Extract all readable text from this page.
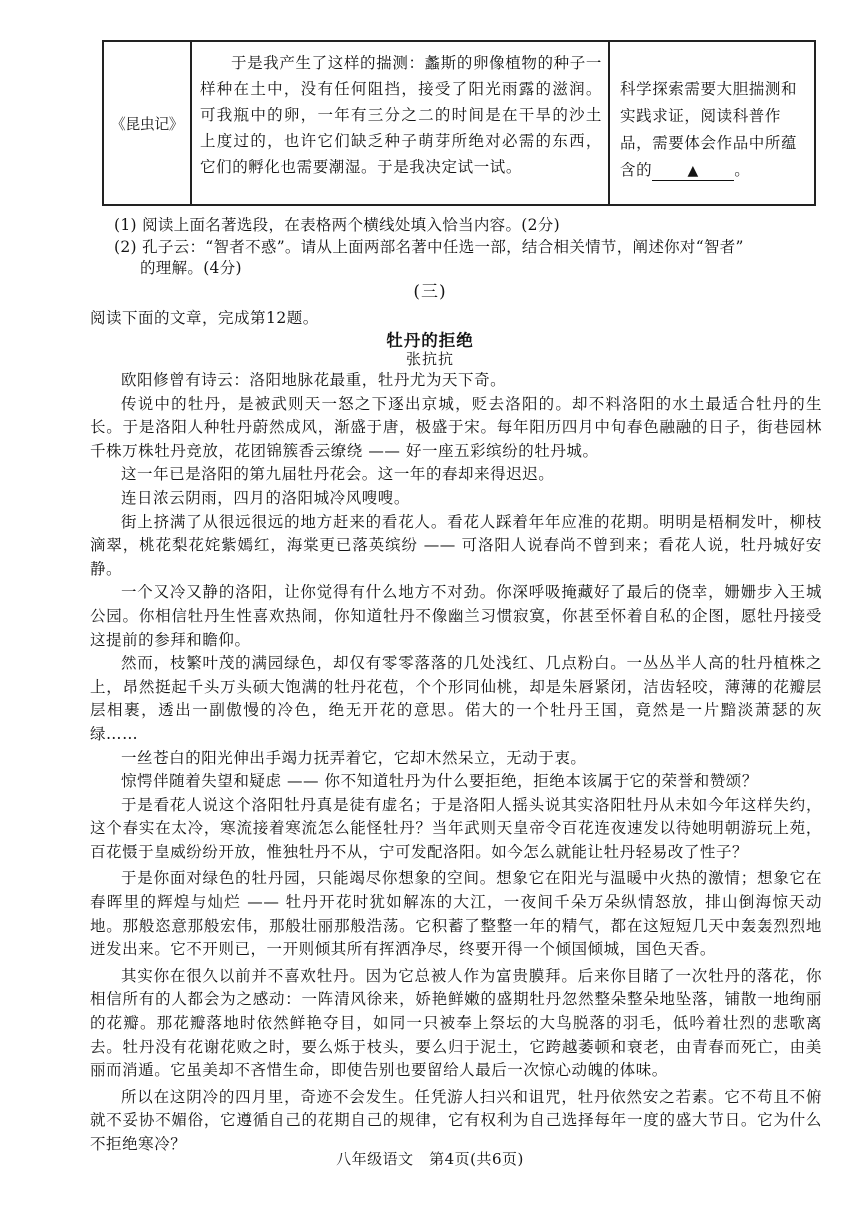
《昆虫记》
于是我产生了这样的揣测：蠡斯的卵像植物的种子一样种在土中，没有任何阻挡，接受了阳光雨露的滋润。可我瓶中的卵，一年有三分之二的时间是在干旱的沙土上度过的，也许它们缺乏种子萌芽所绝对必需的东西，它们的孵化也需要潮湿。于是我决定试一试。
科学探索需要大胆揣测和实践求证，阅读科普作品，需要体会作品中所蕴含的	▲ 。
(1) 阅读上面名著选段，在表格两个横线处填入恰当内容。(2分)
(2) 孔子云：“智者不惑”。请从上面两部名著中任选一部，结合相关情节，阐述你对“智者”
的理解。(4分)
(三)
阅读下面的文章，完成第12题。
牡丹的拒绝
张抗抗

欧阳修曾有诗云：洛阳地脉花最重，牡丹尤为天下奇。

传说中的牡丹，是被武则天一怒之下逐出京城，贬去洛阳的。却不料洛阳的水土最适合牡丹的生长。于是洛阳人种牡丹蔚然成风，渐盛于唐，极盛于宋。每年阳历四月中旬春色融融的日子，街巷园林千株万株牡丹竞放，花团锦簇香云缭绕 —— 好一座五彩缤纷的牡丹城。

这一年已是洛阳的第九届牡丹花会。这一年的春却来得迟迟。

连日浓云阴雨，四月的洛阳城冷风嗖嗖。

街上挤满了从很远很远的地方赶来的看花人。看花人踩着年年应准的花期。明明是梧桐发叶，柳枝滴翠，桃花梨花姹紫嫣红，海棠更已落英缤纷 —— 可洛阳人说春尚不曾到来；看花人说，牡丹城好安静。

一个又冷又静的洛阳，让你觉得有什么地方不对劲。你深呼吸掩藏好了最后的侥幸，姗姗步入王城公园。你相信牡丹生性喜欢热闹，你知道牡丹不像幽兰习惯寂寞，你甚至怀着自私的企图，愿牡丹接受这提前的参拜和瞻仰。

然而，枝繁叶茂的满园绿色，却仅有零零落落的几处浅红、几点粉白。一丛丛半人高的牡丹植株之上，昂然挺起千头万头硕大饱满的牡丹花苞，个个形同仙桃，却是朱唇紧闭，洁齿轻咬，薄薄的花瓣层层相裹，透出一副傲慢的冷色，绝无开花的意思。偌大的一个牡丹王国，竟然是一片黯淡萧瑟的灰绿……

一丝苍白的阳光伸出手竭力抚弄着它，它却木然呆立，无动于衷。

惊愕伴随着失望和疑虑 —— 你不知道牡丹为什么要拒绝，拒绝本该属于它的荣誉和赞颂？

于是看花人说这个洛阳牡丹真是徒有虚名；于是洛阳人摇头说其实洛阳牡丹从未如今年这样失约，这个春实在太冷，寒流接着寒流怎么能怪牡丹？当年武则天皇帝令百花连夜速发以待她明朝游玩上苑，百花慑于皇威纷纷开放，惟独牡丹不从，宁可发配洛阳。如今怎么就能让牡丹轻易改了性子？

于是你面对绿色的牡丹园，只能竭尽你想象的空间。想象它在阳光与温暖中火热的激情；想象它在春晖里的辉煌与灿烂 —— 牡丹开花时犹如解冻的大江，一夜间千朵万朵纵情怒放，排山倒海惊天动地。那般恣意那般宏伟，那般壮丽那般浩荡。它积蓄了整整一年的精气，都在这短短几天中轰轰烈烈地迸发出来。它不开则已，一开则倾其所有挥洒净尽，终要开得一个倾国倾城，国色天香。

其实你在很久以前并不喜欢牡丹。因为它总被人作为富贵膜拜。后来你目睹了一次牡丹的落花，你相信所有的人都会为之感动：一阵清风徐来，娇艳鲜嫩的盛期牡丹忽然整朵整朵地坠落，铺散一地绚丽的花瓣。那花瓣落地时依然鲜艳夺目，如同一只被奉上祭坛的大鸟脱落的羽毛，低吟着壮烈的悲歌离去。牡丹没有花谢花败之时，要么烁于枝头，要么归于泥土，它跨越萎顿和衰老，由青春而死亡，由美丽而消遁。它虽美却不吝惜生命，即使告别也要留给人最后一次惊心动魄的体味。

所以在这阴冷的四月里，奇迹不会发生。任凭游人扫兴和诅咒，牡丹依然安之若素。它不苟且不俯就不妥协不媚俗，它遵循自己的花期自己的规律，它有权利为自己选择每年一度的盛大节日。它为什么不拒绝寒冷？

八年级语文　第4页(共6页)
